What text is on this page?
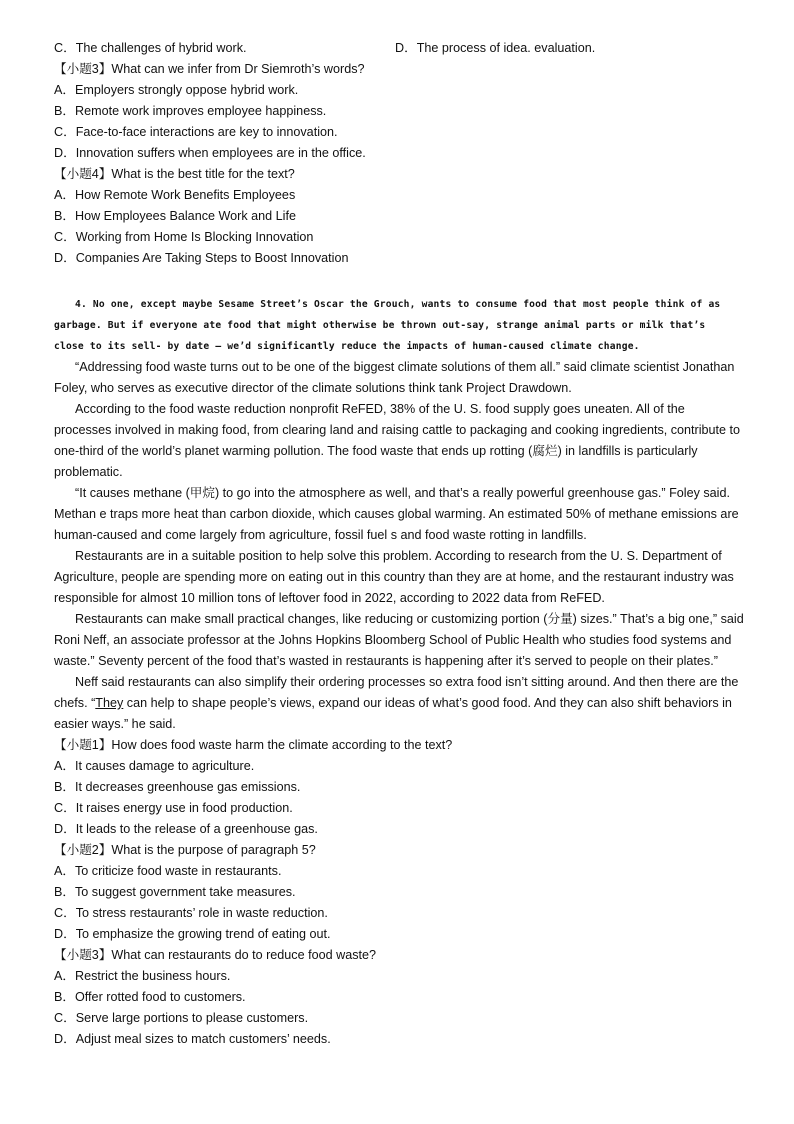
C．The challenges of hybrid work.	D．The process of idea. evaluation.
【小题3】What can we infer from Dr Siemroth’s words?
A．Employers strongly oppose hybrid work.
B．Remote work improves employee happiness.
C．Face-to-face interactions are key to innovation.
D．Innovation suffers when employees are in the office.
【小题4】What is the best title for the text?
A．How Remote Work Benefits Employees
B．How Employees Balance Work and Life
C．Working from Home Is Blocking Innovation
D．Companies Are Taking Steps to Boost Innovation
4. No one, except maybe Sesame Street’s Oscar the Grouch, wants to consume food that most people think of as
garbage. But if everyone ate food that might otherwise be thrown out-say, strange animal parts or milk that’s
close to its sell- by date — we’d significantly reduce the impacts of human-caused climate change.

“Addressing food waste turns out to be one of the biggest climate solutions of them all.” said climate scientist Jonathan Foley, who serves as executive director of the climate solutions think tank Project Drawdown.

According to the food waste reduction nonprofit ReFED, 38% of the U. S. food supply goes uneaten. All of the processes involved in making food, from clearing land and raising cattle to packaging and cooking ingredients, contribute to one-third of the world’s planet warming pollution. The food waste that ends up rotting (腐烂) in landfills is particularly problematic.

“It causes methane (甲烷) to go into the atmosphere as well, and that’s a really powerful greenhouse gas.” Foley said. Methan e traps more heat than carbon dioxide, which causes global warming. An estimated 50% of methane emissions are human-caused and come largely from agriculture, fossil fuel s and food waste rotting in landfills.

Restaurants are in a suitable position to help solve this problem. According to research from the U. S. Department of Agriculture, people are spending more on eating out in this country than they are at home, and the restaurant industry was responsible for almost 10 million tons of leftover food in 2022, according to 2022 data from ReFED.

Restaurants can make small practical changes, like reducing or customizing portion (分量) sizes.” That’s a big one,” said Roni Neff, an associate professor at the Johns Hopkins Bloomberg School of Public Health who studies food systems and waste.” Seventy percent of the food that’s wasted in restaurants is happening after it’s served to people on their plates.”

Neff said restaurants can also simplify their ordering processes so extra food isn’t sitting around. And then there are the chefs. “They can help to shape people’s views, expand our ideas of what’s good food. And they can also shift behaviors in easier ways.” he said.

【小题1】How does food waste harm the climate according to the text?
A．It causes damage to agriculture.
B．It decreases greenhouse gas emissions.
C．It raises energy use in food production.
D．It leads to the release of a greenhouse gas.
【小题2】What is the purpose of paragraph 5?
A．To criticize food waste in restaurants.
B．To suggest government take measures.
C．To stress restaurants’ role in waste reduction.
D．To emphasize the growing trend of eating out.
【小题3】What can restaurants do to reduce food waste?
A．Restrict the business hours.
B．Offer rotted food to customers.
C．Serve large portions to please customers.
D．Adjust meal sizes to match customers’ needs.
